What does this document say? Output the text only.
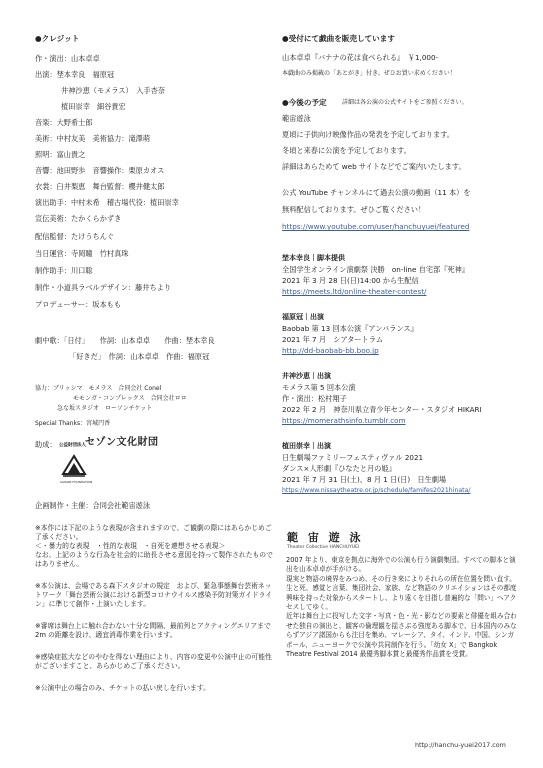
●クレジット
作・演出：山本卓卓
出演：埜本幸良　福原冠
井神沙恵（モメラス）　入手杏奈
植田崇幸　細谷貴宏
音楽：大野希士郎
美術：中村友美　美術協力：滝澤萌
照明：富山貴之
音響：池田野歩　音響操作：栗原カオス
衣裳：臼井梨恵　舞台監督：櫻井健太郎
演出助手：中村未希　稽古場代役：植田崇幸
宣伝美術：たかくらかずき
配信監督：たけうちんぐ
当日運営：寺岡瞳　竹村真珠
制作助手：川口聡
制作・小道具ラベルデザイン：藤井ちより
プロデューサー：坂本もも
劇中歌：「日付」　　作詞：山本卓卓　　作曲：埜本幸良
「好きだ」　作詞：山本卓卓　作曲：福原冠
協力：ブリッシマ　モメラス　合同会社 Conel
モモンガ・コンプレックス　合同会社ロロ
急な坂スタジオ　ローソンチケット
Special Thanks：宮城円香
助成： 公益財団法人 セゾン文化財団
SAISON FOUNDATION
企画制作・主催：合同会社範宙遊泳

※本作には下記のような表現が含まれますので、ご観劇の際にはあらかじめご了承ください。

＜・暴力的な表現　・性的な表現　・自死を連想させる表現＞

なお、上記のような行為を社会的に助長させる意図を持って製作されたものではありません。

※本公演は、会場である森下スタジオの規定　および、緊急事態舞台芸術ネットワーク「舞台芸術公演における新型コロナウイルス感染予防対策ガイドライン」に準じて創作・上演いたします。

※審席は舞台上に触れ合わない十分な間隔、最前列とアクティングエリアまで 2m の距離を設け、適宜消毒作業を行います。

※感染症拡大などのやむを得ない理由により、内容の変更や公演中止の可能性がございますこと、あらかじめご了承ください。

※公演中止の場合のみ、チケットの払い戻しを行います。

●受付にて戯曲を販売しています
山本卓卓『バナナの花は食べられる』　￥1,000-
本戯曲のみ掲載の「あとがき」付き。ぜひお買い求めください！
●今後の予定	詳細は各公演の公式サイトをご参照ください。
範宙遊泳
夏頃に子供向け映像作品の発表を予定しております。
冬頃と来春に公演を予定しております。
詳細はあらためて web サイトなどでご案内いたします。
公式 YouTube チャンネルにて過去公演の動画（11 本）を
無料配信しております。ぜひご覧ください！
https://www.youtube.com/user/hanchuyuei/featured
埜本幸良｜脚本提供
全国学生オンライン演劇祭 決勝　on-line 自宅部『死神』
2021 年 3 月 28 日(日)14:00 から生配信
https://meets.ltd/online-theater-contest/
福原冠｜出演
Baobab 第 13 回本公演『アンバランス』
2021 年 7 月　シアタートラム
http://dd-baobab-bb.boo.jp
井神沙恵｜出演
モメラス第 5 回本公演
作・演出：松村翔子
2022 年 2 月　神奈川県立青少年センター・スタジオ HIKARI
https://momerathsinfo.tumblr.com
植田崇幸｜出演
日生劇場ファミリーフェスティヴァル 2021
ダンス×人形劇『ひなたと月の姫』
2021 年 7 月 31 日(土)、8 月 1 日(日)　日生劇場
https://www.nissaytheatre.or.jp/schedule/famifes2021hinata/
範 宙 遊 泳
Theater Collective HANCHUYUEI

2007 年より、東京を拠点に海外での公演も行う演劇集団。すべての脚本と演出を山本卓卓が手がける。

現実と物語の境界をみつめ、その行き来によりそれらの所在位置を問い直す。

生と死、感覚と言葉、集団社会、家族、など物語のクリエイションはその都度興味を持った対象からスタートし、より遠くを目指し普遍的な「問い」へアクセスしてゆく。

近年は舞台上に投写した文字・写真・色・光・影などの要素と俳優を組み合わせた独自の演出と、観客の倫理観を揺さぶる強度ある脚本で、日本国内のみならずアジア諸国からも注目を集め、マレーシア、タイ、インド、中国、シンガポール、ニューヨークで公演や共同制作を行う。「幼女 X」で Bangkok Theatre Festival 2014 最優秀脚本賞と最優秀作品賞を受賞。

http://hanchu-yuei2017.com
